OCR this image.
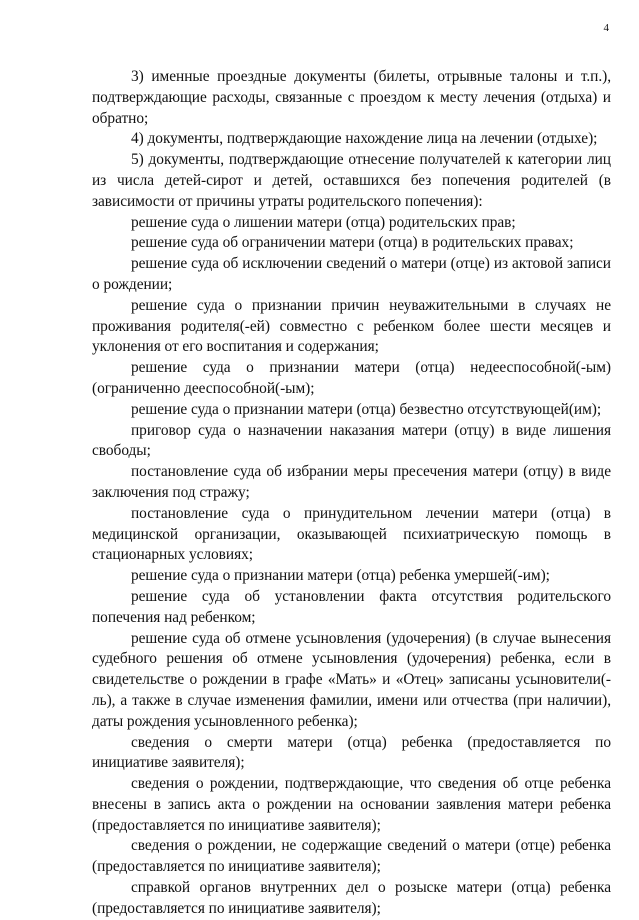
4

3) именные проездные документы (билеты, отрывные талоны и т.п.), подтверждающие расходы, связанные с проездом к месту лечения (отдыха) и обратно;

4) документы, подтверждающие нахождение лица на лечении (отдыхе);

5) документы, подтверждающие отнесение получателей к категории лиц из числа детей-сирот и детей, оставшихся без попечения родителей (в зависимости от причины утраты родительского попечения):

решение суда о лишении матери (отца) родительских прав;

решение суда об ограничении матери (отца) в родительских правах;

решение суда об исключении сведений о матери (отце) из актовой записи о рождении;

решение суда о признании причин неуважительными в случаях не проживания родителя(-ей) совместно с ребенком более шести месяцев и уклонения от его воспитания и содержания;

решение суда о признании матери (отца) недееспособной(-ым) (ограниченно дееспособной(-ым);

решение суда о признании матери (отца) безвестно отсутствующей(им);

приговор суда о назначении наказания матери (отцу) в виде лишения свободы;

постановление суда об избрании меры пресечения матери (отцу) в виде заключения под стражу;

постановление суда о принудительном лечении матери (отца) в медицинской организации, оказывающей психиатрическую помощь в стационарных условиях;

решение суда о признании матери (отца) ребенка умершей(-им);

решение суда об установлении факта отсутствия родительского попечения над ребенком;

решение суда об отмене усыновления (удочерения) (в случае вынесения судебного решения об отмене усыновления (удочерения) ребенка, если в свидетельстве о рождении в графе «Мать» и «Отец» записаны усыновители(-ль), а также в случае изменения фамилии, имени или отчества (при наличии), даты рождения усыновленного ребенка);

сведения о смерти матери (отца) ребенка (предоставляется по инициативе заявителя);

сведения о рождении, подтверждающие, что сведения об отце ребенка внесены в запись акта о рождении на основании заявления матери ребенка (предоставляется по инициативе заявителя);

сведения о рождении, не содержащие сведений о матери (отце) ребенка (предоставляется по инициативе заявителя);

справкой органов внутренних дел о розыске матери (отца) ребенка (предоставляется по инициативе заявителя);
